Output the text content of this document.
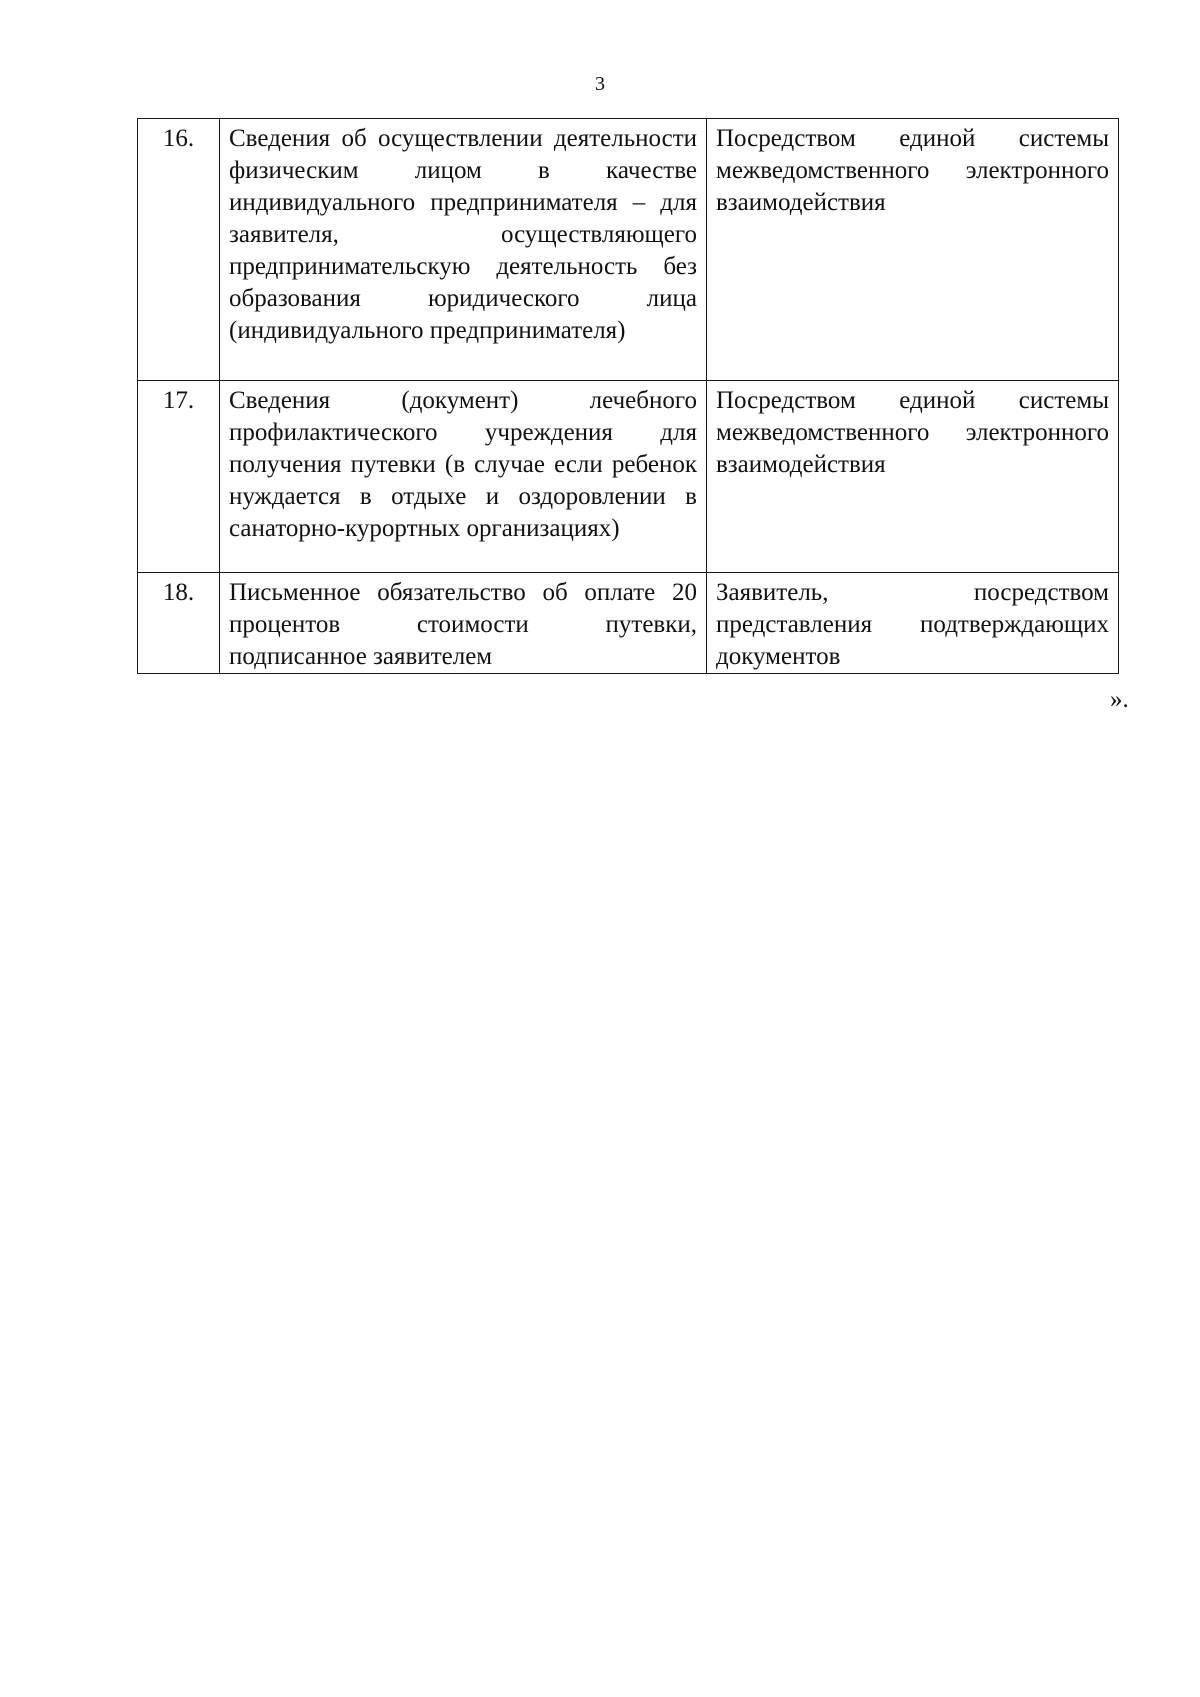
3
16.	Сведения об осуществлении деятельности физическим лицом в качестве индивидуального предпринимателя – для заявителя, осуществляющего предпринимательскую деятельность без образования юридического лица (индивидуального предпринимателя)	Посредством единой системы межведомственного электронного взаимодействия
17.	Сведения (документ) лечебного профилактического учреждения для получения путевки (в случае если ребенок нуждается в отдыхе и оздоровлении в санаторно-курортных организациях)	Посредством единой системы межведомственного электронного взаимодействия
18.	Письменное обязательство об оплате 20 процентов стоимости путевки, подписанное заявителем	Заявитель, посредством представления подтверждающих документов
».
